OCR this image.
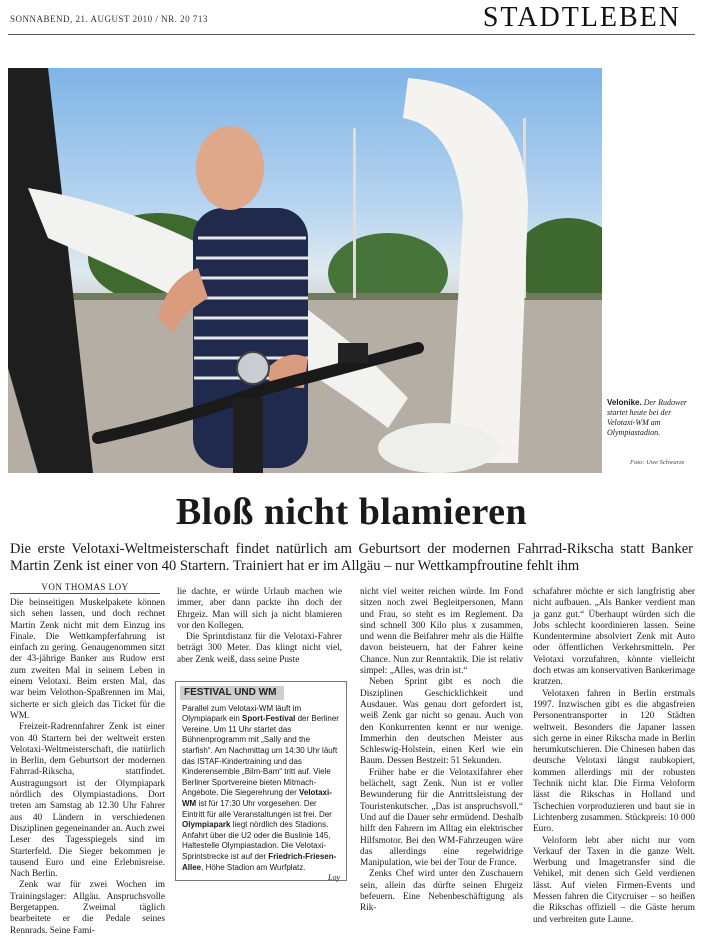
SONNABEND, 21. AUGUST 2010 / NR. 20 713	STADTLEBEN
Velonike. Der Rudower startet heute bei der Velotaxi-WM am Olympiastadion.
Foto: Uwe Schwarze
Bloß nicht blamieren
Die erste Velotaxi-Weltmeisterschaft findet natürlich am Geburtsort der modernen Fahrrad-Rikscha statt Banker Martin Zenk ist einer von 40 Startern. Trainiert hat er im Allgäu – nur Wettkampfroutine fehlt ihm
VON THOMAS LOY

Die beinseitigen Muskelpakete können sich sehen lassen, und doch rechnet Martin Zenk nicht mit dem Einzug ins Finale. Die Wettkampferfahrung ist einfach zu gering. Genaugenommen sitzt der 43-jährige Banker aus Rudow erst zum zweiten Mal in seinem Leben in einem Velotaxi. Beim ersten Mal, das war beim Velothon-Spaßrennen im Mai, sicherte er sich gleich das Ticket für die WM.

Freizeit-Radrennfahrer Zenk ist einer von 40 Startern bei der weltweit ersten Velotaxi-Weltmeisterschaft, die natürlich in Berlin, dem Geburtsort der modernen Fahrrad-Rikscha, stattfindet. Austragungsort ist der Olympiapark nördlich des Olympiastadions. Dort treten am Samstag ab 12.30 Uhr Fahrer aus 40 Ländern in verschiedenen Disziplinen gegeneinander an. Auch zwei Leser des Tagesspiegels sind im Starterfeld. Die Sieger bekommen je tausend Euro und eine Erlebnisreise. Nach Berlin.

Zenk war für zwei Wochen im Trainingslager: Allgäu. Anspruchsvolle Bergetappen. Zweimal täglich bearbeitete er die Pedale seines Rennrads. Seine Fami-

lie dachte, er würde Urlaub machen wie immer, aber dann packte ihn doch der Ehrgeiz. Man will sich ja nicht blamieren vor den Kollegen.

Die Sprintdistanz für die Velotaxi-Fahrer beträgt 300 Meter. Das klingt nicht viel, aber Zenk weiß, dass seine Puste

FESTIVAL UND WM
Parallel zum Velotaxi-WM läuft im Olympiapark ein Sport-Festival der Berliner Vereine. Um 11 Uhr startet das Bühnenprogramm mit „Sally and the starfish“. Am Nachmittag um 14:30 Uhr läuft das ISTAF-Kindertraining und das Kinderensemble „Bilm-Bam“ tritt auf. Viele Berliner Sportvereine bieten Mitmach-Angebote. Die Siegerehrung der Velotaxi-WM ist für 17:30 Uhr vorgesehen. Der Eintritt für alle Veranstaltungen ist frei. Der Olympiapark liegt nördlich des Stadions. Anfahrt über die U2 oder die Buslinie 145, Haltestelle Olympiastadion. Die Velotaxi-Sprintstrecke ist auf der Friedrich-Friesen-Allee, Höhe Stadion am Wurfplatz.
Loy

nicht viel weiter reichen würde. Im Fond sitzen noch zwei Begleitpersonen, Mann und Frau, so steht es im Reglement. Da sind schnell 300 Kilo plus x zusammen, und wenn die Beifahrer mehr als die Hälfte davon beisteuern, hat der Fahrer keine Chance. Nun zur Renntaktik. Die ist relativ simpel: „Alles, was drin ist.“

Neben Sprint gibt es noch die Disziplinen Geschicklichkeit und Ausdauer. Was genau dort gefordert ist, weiß Zenk gar nicht so genau. Auch von den Konkurrenten kennt er nur wenige. Immerhin den deutschen Meister aus Schleswig-Holstein, einen Kerl wie ein Baum. Dessen Bestzeit: 51 Sekunden.

Früher habe er die Velotaxifahrer eher belächelt, sagt Zenk. Nun ist er voller Bewunderung für die Antrittsleistung der Touristenkutscher. „Das ist anspruchsvoll.“ Und auf die Dauer sehr ermüdend. Deshalb hilft den Fahrern im Alltag ein elektrischer Hilfsmotor. Bei den WM-Fahrzeugen wäre das allerdings eine regelwidrige Manipulation, wie bei der Tour de France.

Zenks Chef wird unter den Zuschauern sein, allein das dürfte seinen Ehrgeiz befeuern. Eine Nebenbeschäftigung als Rik-

schafahrer möchte er sich langfristig aber nicht aufbauen. „Als Banker verdient man ja ganz gut.“ Überhaupt würden sich die Jobs schlecht koordinieren lassen. Seine Kundentermine absolviert Zenk mit Auto oder öffentlichen Verkehrsmitteln. Per Velotaxi vorzufahren, könnte vielleicht doch etwas am konservativen Bankerimage kratzen.

Velotaxen fahren in Berlin erstmals 1997. Inzwischen gibt es die abgasfreien Personentransporter in 120 Städten weltweit. Besonders die Japaner lassen sich gerne in einer Rikscha made in Berlin herumkutschieren. Die Chinesen haben das deutsche Velotaxi längst raubkopiert, kommen allerdings mit der robusten Technik nicht klar. Die Firma Veloform lässt die Rikschas in Holland und Tschechien vorproduzieren und baut sie in Lichtenberg zusammen. Stückpreis: 10 000 Euro.

Veloform lebt aber nicht nur vom Verkauf der Taxen in die ganze Welt. Werbung und Imagetransfer sind die Vehikel, mit denen sich Geld verdienen lässt. Auf vielen Firmen-Events und Messen fahren die Citycruiser – so heißen die Rikschas offiziell – die Gäste herum und verbreiten gute Laune.
